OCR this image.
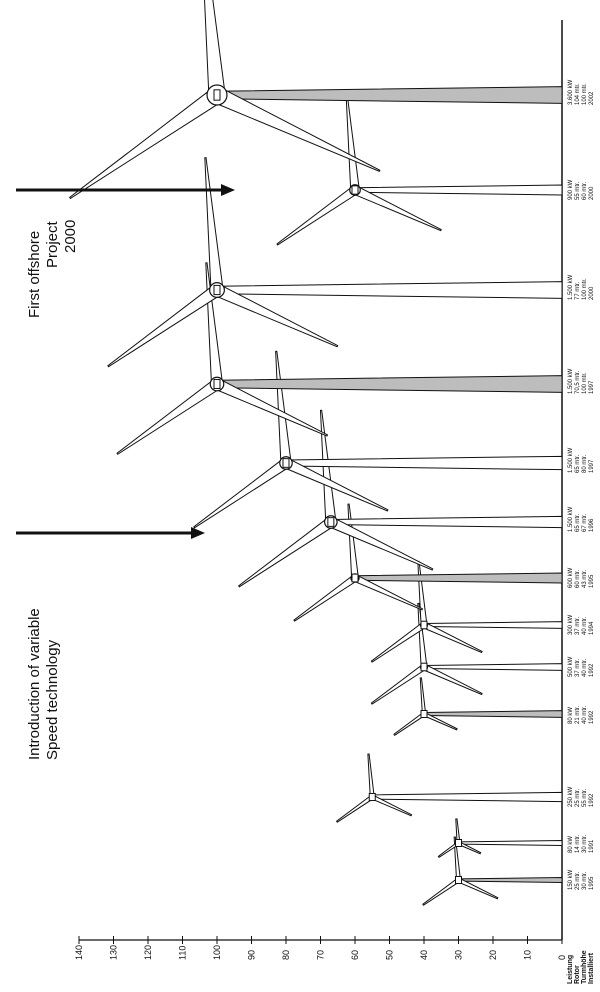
0
10
20
30
40
50
60
70
80
90
100
110
120
130
140
150 kW 25 mtr. 30 mtr. 1995
80 kW 14 mtr. 30 mtr. 1991
250 kW 25 mtr. 55 mtr. 1992
80 kW 21 mtr. 40 mtr. 1992
500 kW 37 mtr. 40 mtr. 1992
300 kW 37 mtr. 40 mtr. 1994
600 kW 60 mtr. 43 mtr. 1995
1.500 kW 65 mtr. 67 mtr. 1996
1.500 kW 65 mtr. 80 mtr. 1997
1.500 kW 70,5 mtr. 100 mtr. 1997
1.500 kW 77 mtr. 100 mtr. 2000
900 kW 55 mtr. 60 mtr. 2000
3.600 kW 104 mtr. 100 mtr. 2002
Leistung Rotor Turmhöhe Installiert
Introduction of variable Speed technology
First offshore Project 2000
